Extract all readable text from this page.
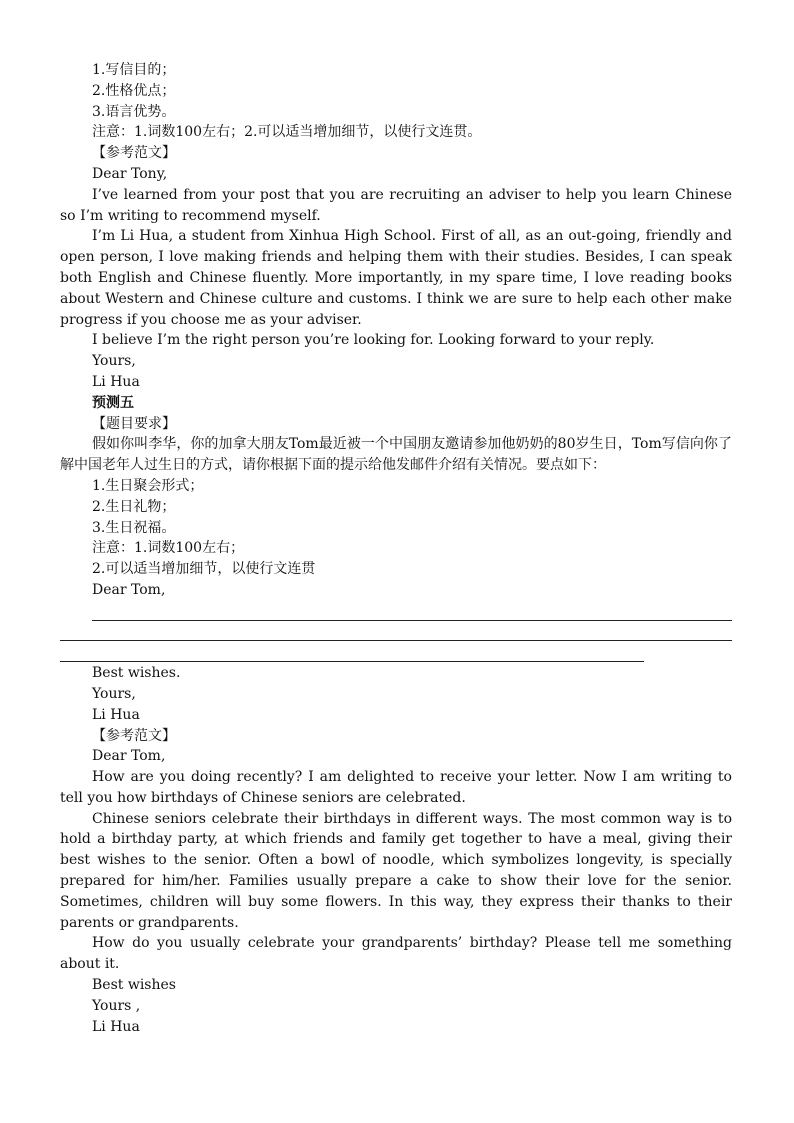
1.写信目的；

2.性格优点；

3.语言优势。

注意：1.词数100左右；2.可以适当增加细节，以使行文连贯。

【参考范文】

Dear Tony,

I’ve learned from your post that you are recruiting an adviser to help you learn Chinese so I’m writing to recommend myself.

I’m Li Hua, a student from Xinhua High School. First of all, as an out-going, friendly and open person, I love making friends and helping them with their studies. Besides, I can speak both English and Chinese fluently. More importantly, in my spare time, I love reading books about Western and Chinese culture and customs. I think we are sure to help each other make progress if you choose me as your adviser.

I believe I’m the right person you’re looking for. Looking forward to your reply.

Yours,

Li Hua

预测五

【题目要求】

假如你叫李华，你的加拿大朋友Tom最近被一个中国朋友邀请参加他奶奶的80岁生日，Tom写信向你了解中国老年人过生日的方式，请你根据下面的提示给他发邮件介绍有关情况。要点如下：

1.生日聚会形式；

2.生日礼物；

3.生日祝福。

注意：1.词数100左右；

2.可以适当增加细节，以使行文连贯

Dear Tom,

Best wishes.

Yours,

Li Hua

【参考范文】

Dear Tom,

How are you doing recently? I am delighted to receive your letter. Now I am writing to tell you how birthdays of Chinese seniors are celebrated.

Chinese seniors celebrate their birthdays in different ways. The most common way is to hold a birthday party, at which friends and family get together to have a meal, giving their best wishes to the senior. Often a bowl of noodle, which symbolizes longevity, is specially prepared for him/her. Families usually prepare a cake to show their love for the senior. Sometimes, children will buy some flowers. In this way, they express their thanks to their parents or grandparents.

How do you usually celebrate your grandparents’ birthday? Please tell me something about it.

Best wishes

Yours ,

Li Hua
